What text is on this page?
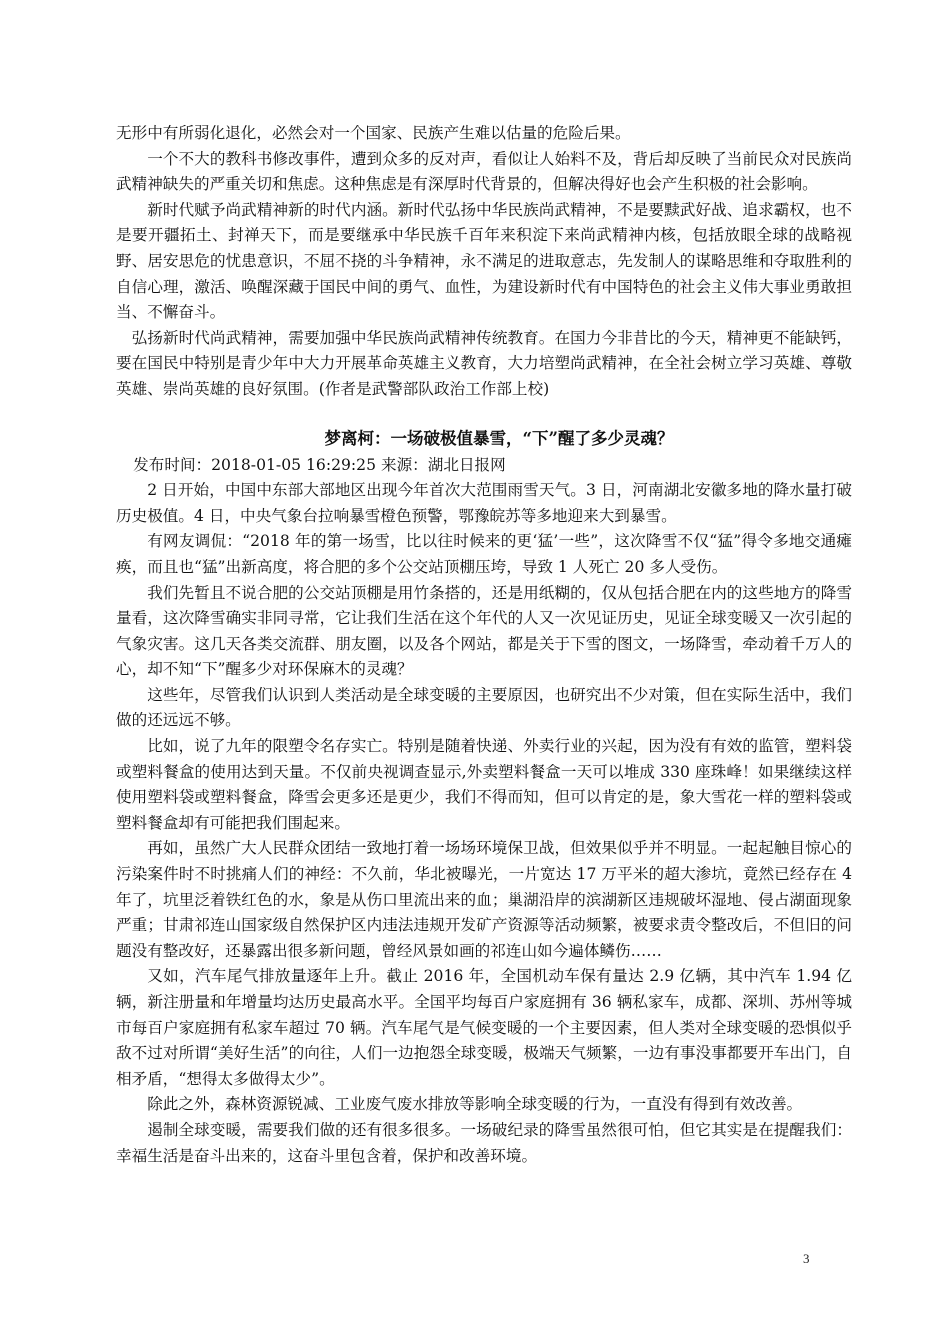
无形中有所弱化退化，必然会对一个国家、民族产生难以估量的危险后果。

一个不大的教科书修改事件，遭到众多的反对声，看似让人始料不及，背后却反映了当前民众对民族尚武精神缺失的严重关切和焦虑。这种焦虑是有深厚时代背景的，但解决得好也会产生积极的社会影响。

新时代赋予尚武精神新的时代内涵。新时代弘扬中华民族尚武精神，不是要黩武好战、追求霸权，也不是要开疆拓土、封禅天下，而是要继承中华民族千百年来积淀下来尚武精神内核，包括放眼全球的战略视野、居安思危的忧患意识，不屈不挠的斗争精神，永不满足的进取意志，先发制人的谋略思维和夺取胜利的自信心理，激活、唤醒深藏于国民中间的勇气、血性，为建设新时代有中国特色的社会主义伟大事业勇敢担当、不懈奋斗。

弘扬新时代尚武精神，需要加强中华民族尚武精神传统教育。在国力今非昔比的今天，精神更不能缺钙，要在国民中特别是青少年中大力开展革命英雄主义教育，大力培塑尚武精神，在全社会树立学习英雄、尊敬英雄、崇尚英雄的良好氛围。(作者是武警部队政治工作部上校)

梦离柯：一场破极值暴雪，“下”醒了多少灵魂？

发布时间：2018-01-05 16:29:25 来源：湖北日报网

2 日开始，中国中东部大部地区出现今年首次大范围雨雪天气。3 日，河南湖北安徽多地的降水量打破历史极值。4 日，中央气象台拉响暴雪橙色预警，鄂豫皖苏等多地迎来大到暴雪。

有网友调侃：“2018 年的第一场雪，比以往时候来的更‘猛’一些”，这次降雪不仅“猛”得令多地交通瘫痪，而且也“猛”出新高度，将合肥的多个公交站顶棚压垮，导致 1 人死亡 20 多人受伤。

我们先暂且不说合肥的公交站顶棚是用竹条搭的，还是用纸糊的，仅从包括合肥在内的这些地方的降雪量看，这次降雪确实非同寻常，它让我们生活在这个年代的人又一次见证历史，见证全球变暖又一次引起的气象灾害。这几天各类交流群、朋友圈，以及各个网站，都是关于下雪的图文，一场降雪，牵动着千万人的心，却不知“下”醒多少对环保麻木的灵魂？

这些年，尽管我们认识到人类活动是全球变暖的主要原因，也研究出不少对策，但在实际生活中，我们做的还远远不够。

比如，说了九年的限塑令名存实亡。特别是随着快递、外卖行业的兴起，因为没有有效的监管，塑料袋或塑料餐盒的使用达到天量。不仅前央视调查显示,外卖塑料餐盒一天可以堆成 330 座珠峰！如果继续这样使用塑料袋或塑料餐盒，降雪会更多还是更少，我们不得而知，但可以肯定的是，象大雪花一样的塑料袋或塑料餐盒却有可能把我们围起来。

再如，虽然广大人民群众团结一致地打着一场场环境保卫战，但效果似乎并不明显。一起起触目惊心的污染案件时不时挑痛人们的神经：不久前，华北被曝光，一片宽达 17 万平米的超大渗坑，竟然已经存在 4 年了，坑里泛着铁红色的水，象是从伤口里流出来的血；巢湖沿岸的滨湖新区违规破坏湿地、侵占湖面现象严重；甘肃祁连山国家级自然保护区内违法违规开发矿产资源等活动频繁，被要求责令整改后，不但旧的问题没有整改好，还暴露出很多新问题，曾经风景如画的祁连山如今遍体鳞伤……

又如，汽车尾气排放量逐年上升。截止 2016 年，全国机动车保有量达 2.9 亿辆，其中汽车 1.94 亿辆，新注册量和年增量均达历史最高水平。全国平均每百户家庭拥有 36 辆私家车，成都、深圳、苏州等城市每百户家庭拥有私家车超过 70 辆。汽车尾气是气候变暖的一个主要因素，但人类对全球变暖的恐惧似乎敌不过对所谓“美好生活”的向往，人们一边抱怨全球变暖，极端天气频繁，一边有事没事都要开车出门，自相矛盾，“想得太多做得太少”。

除此之外，森林资源锐减、工业废气废水排放等影响全球变暖的行为，一直没有得到有效改善。

遏制全球变暖，需要我们做的还有很多很多。一场破纪录的降雪虽然很可怕，但它其实是在提醒我们：幸福生活是奋斗出来的，这奋斗里包含着，保护和改善环境。

3
